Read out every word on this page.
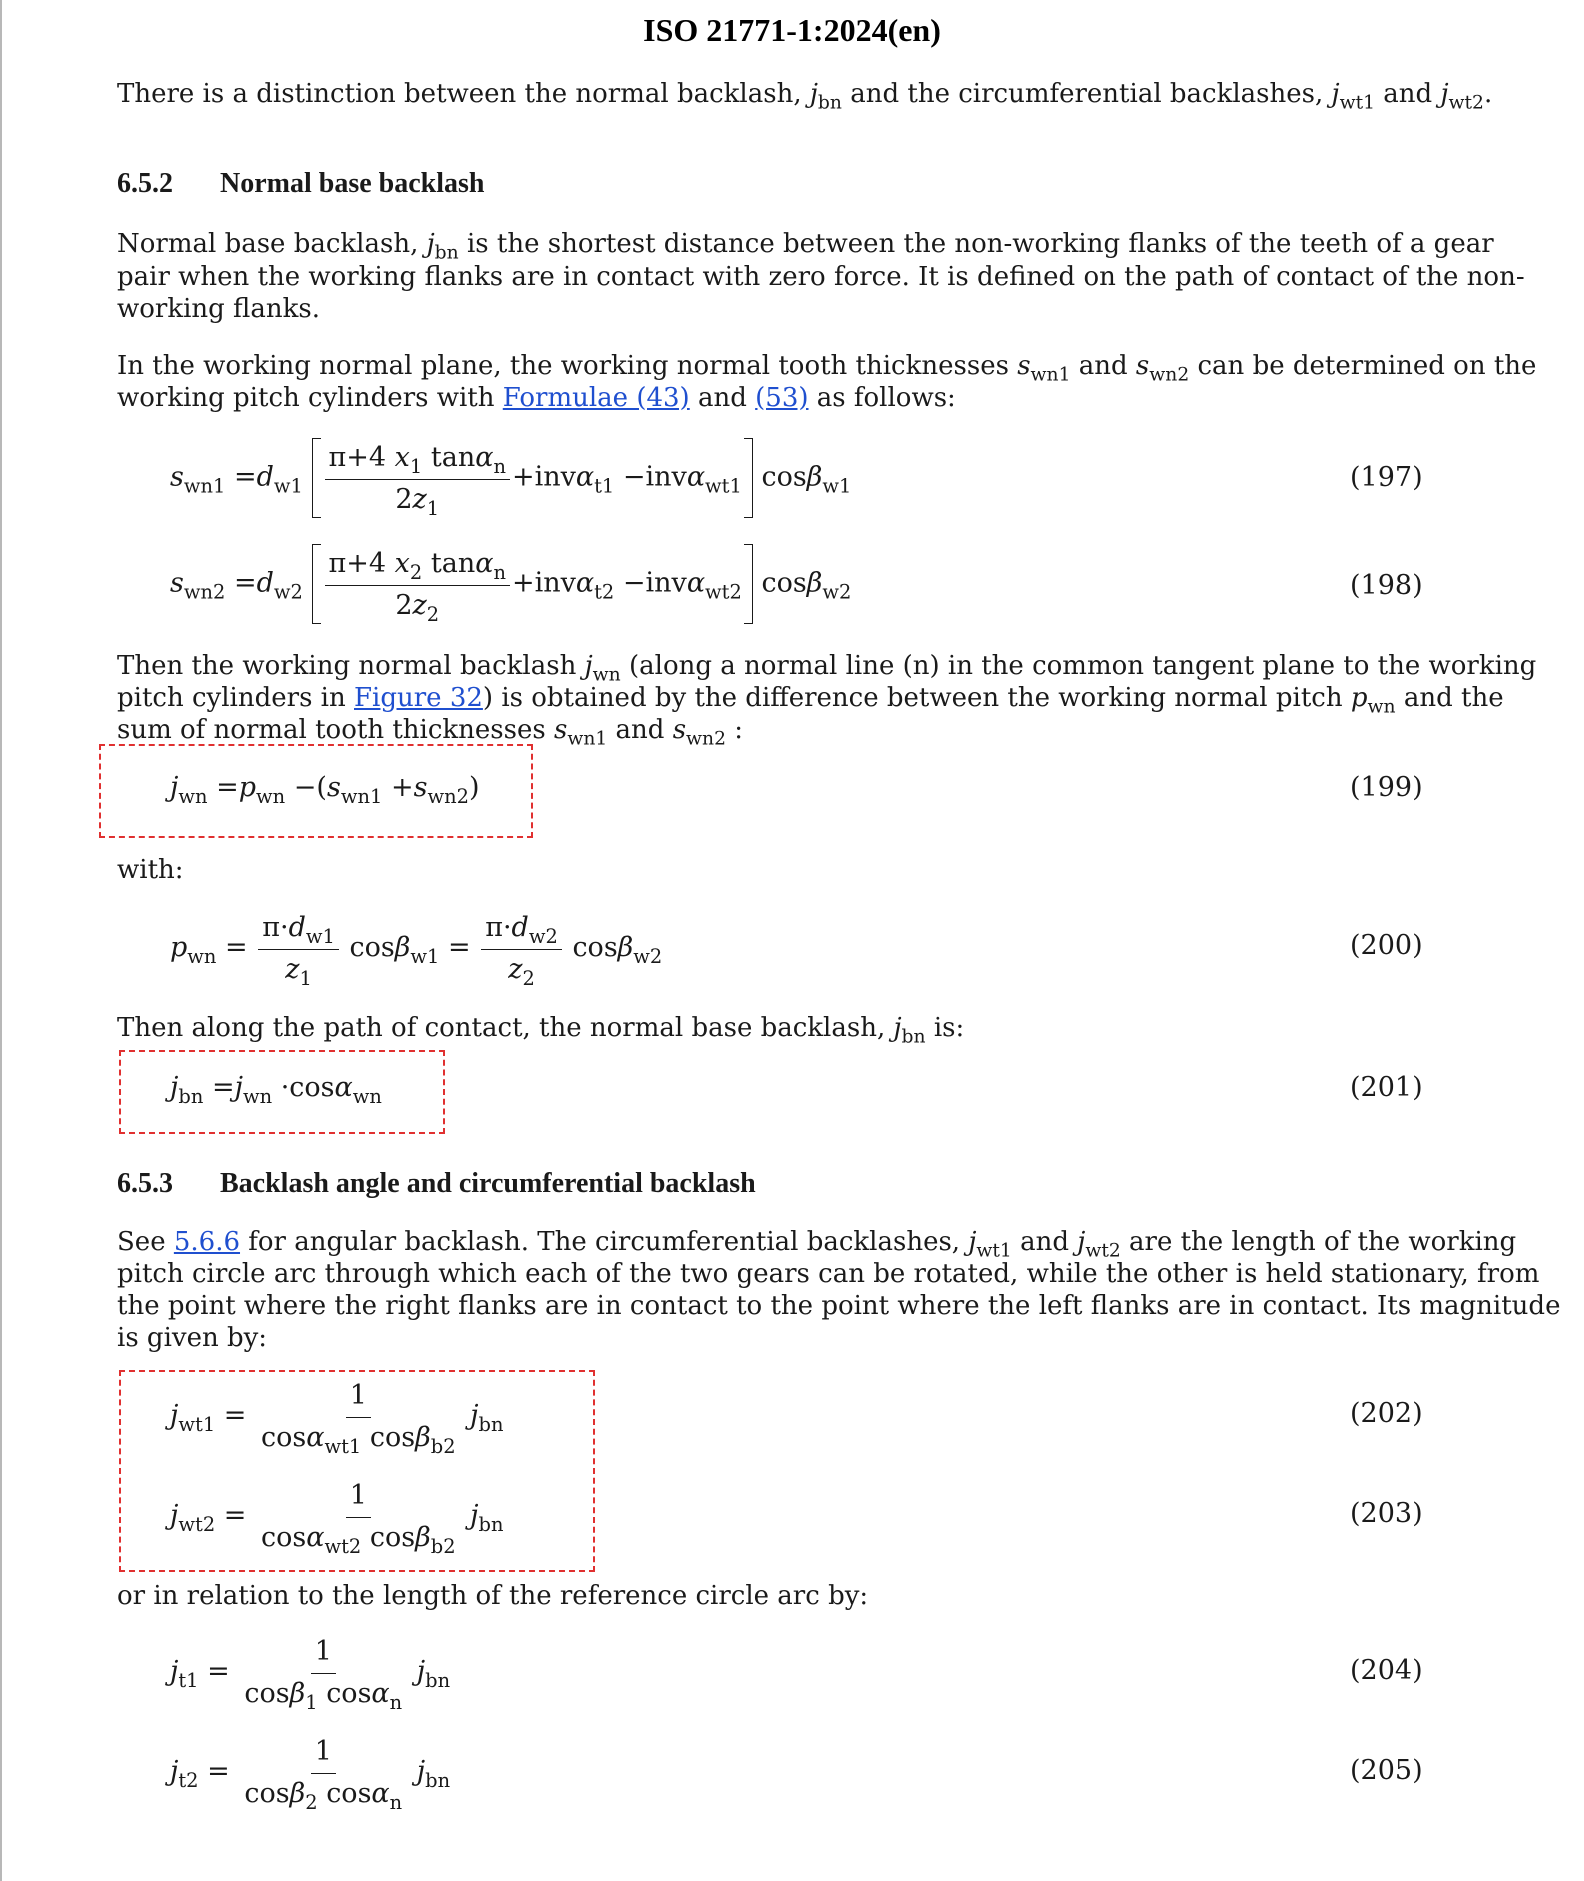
ISO 21771-1:2024(en)
There is a distinction between the normal backlash, $j_{bn}$ and the circumferential backlashes, $j_{wt1}$ and $j_{wt2}$.
6.5.2 Normal base backlash
Normal base backlash, $j_{bn}$ is the shortest distance between the non-working flanks of the teeth of a gear
pair when the working flanks are in contact with zero force. It is defined on the path of contact of the non-
working flanks.
In the working normal plane, the working normal tooth thicknesses $s_{wn1}$ and $s_{wn2}$ can be determined on the
working pitch cylinders with Formulae (43) and (53) as follows:
$s_{wn1} =d_{w1} \frac{\pi+4 x_1 \tan\alpha_n}{2z_1} +inv\alpha_{t1} -inv\alpha_{wt1}$ cosβ$_{w1}$	(197)
$s_{wn2} =d_{w2} \frac{\pi+4 x_2 \tan\alpha_n}{2z_2} +inv\alpha_{t2} -inv\alpha_{wt2}$ cosβ$_{w2}$	(198)
Then the working normal backlash $j_{wn}$ (along a normal line (n) in the common tangent plane to the working
pitch cylinders in Figure 32) is obtained by the difference between the working normal pitch $p_{wn}$ and the
sum of normal tooth thicknesses $s_{wn1}$ and $s_{wn2}$ :
$j_{wn} =p_{wn} -(s_{wn1} +s_{wn2})$	(199)
with:
$p_{wn} = \frac{\pi\cdot d_{w1}}{z_1} \cos\beta_{w1} = \frac{\pi\cdot d_{w2}}{z_2} \cos\beta_{w2}$	(200)
Then along the path of contact, the normal base backlash, $j_{bn}$ is:
$j_{bn} =j_{wn} \cdot\cos\alpha_{wn}$	(201)
6.5.3 Backlash angle and circumferential backlash
See 5.6.6 for angular backlash. The circumferential backlashes, $j_{wt1}$ and $j_{wt2}$ are the length of the working
pitch circle arc through which each of the two gears can be rotated, while the other is held stationary, from
the point where the right flanks are in contact to the point where the left flanks are in contact. Its magnitude
is given by:
$j_{wt1} = \frac{1}{\cos\alpha_{wt1} \cos\beta_{b2}} j_{bn}$	(202)
$j_{wt2} = \frac{1}{\cos\alpha_{wt2} \cos\beta_{b2}} j_{bn}$	(203)
or in relation to the length of the reference circle arc by:
$j_{t1} = \frac{1}{\cos\beta_1 \cos\alpha_n} j_{bn}$	(204)
$j_{t2} = \frac{1}{\cos\beta_2 \cos\alpha_n} j_{bn}$	(205)
